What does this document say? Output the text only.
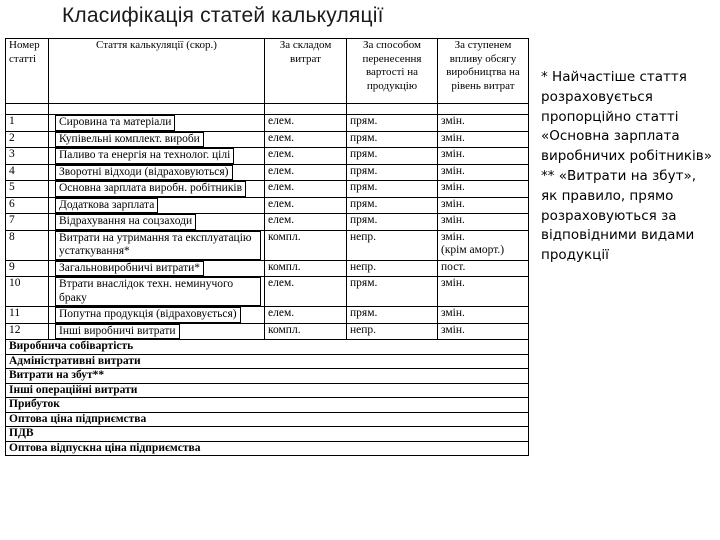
Класифікація статей калькуляції
Номер статті	Стаття калькуляції (скор.)	За складом витрат	За способом перенесення вартості на продукцію	За ступенем впливу обсягу виробництва на рівень витрат

1	Сировина та матеріали	елем.	прям.	змін.
2	Купівельні комплект. вироби	елем.	прям.	змін.
3	Паливо та енергія на технолог. цілі	елем.	прям.	змін.
4	Зворотні відходи (відраховуються)	елем.	прям.	змін.
5	Основна зарплата виробн. робітників	елем.	прям.	змін.
6	Додаткова зарплата	елем.	прям.	змін.
7	Відрахування на соцзаходи	елем.	прям.	змін.
8	Витрати на утримання та експлуатацію устаткування*	компл.	непр.	змін.
(крім аморт.)
9	Загальновиробничі витрати*	компл.	непр.	пост.
10	Втрати внаслідок техн. неминучого браку	елем.	прям.	змін.
11	Попутна продукція (відраховується)	елем.	прям.	змін.
12	Інші виробничі витрати	компл.	непр.	змін.
Виробнича собівартість				
Адміністративні витрати				
Витрати на збут**				
Інші операційні витрати				
Прибуток				
Оптова ціна підприємства				
ПДВ				
Оптова відпускна ціна підприємства				

* Найчастіше стаття розраховується пропорційно статті «Основна зарплата виробничих робітників»

** «Витрати на збут», як правило, прямо розраховуються за відповідними видами продукції
